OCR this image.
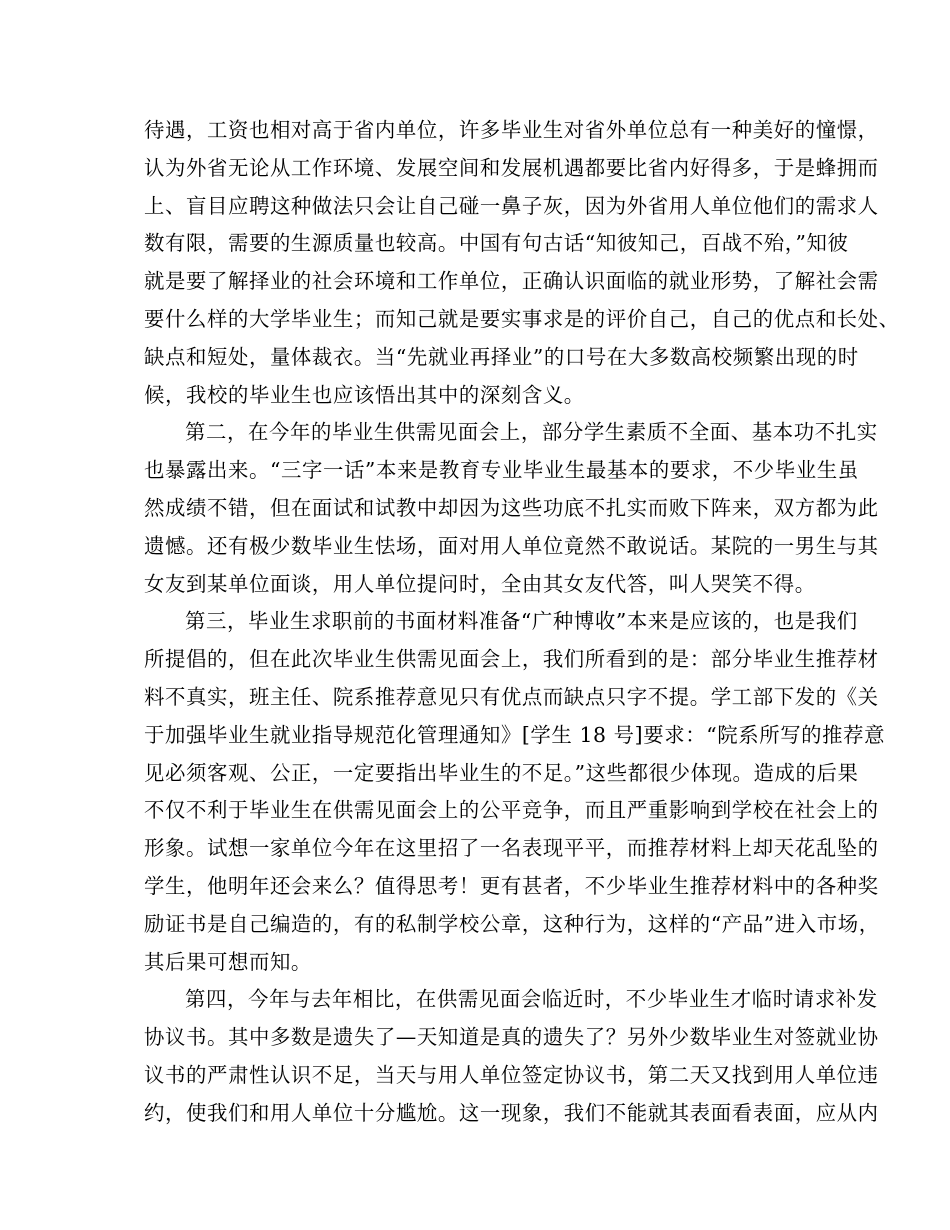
待遇，工资也相对高于省内单位，许多毕业生对省外单位总有一种美好的憧憬，
认为外省无论从工作环境、发展空间和发展机遇都要比省内好得多，于是蜂拥而
上、盲目应聘这种做法只会让自己碰一鼻子灰，因为外省用人单位他们的需求人
数有限，需要的生源质量也较高。中国有句古话“知彼知己，百战不殆，”知彼
就是要了解择业的社会环境和工作单位，正确认识面临的就业形势，了解社会需
要什么样的大学毕业生；而知己就是要实事求是的评价自己，自己的优点和长处、
缺点和短处，量体裁衣。当“先就业再择业”的口号在大多数高校频繁出现的时
候，我校的毕业生也应该悟出其中的深刻含义。
第二，在今年的毕业生供需见面会上，部分学生素质不全面、基本功不扎实
也暴露出来。“三字一话”本来是教育专业毕业生最基本的要求，不少毕业生虽
然成绩不错，但在面试和试教中却因为这些功底不扎实而败下阵来，双方都为此
遗憾。还有极少数毕业生怯场，面对用人单位竟然不敢说话。某院的一男生与其
女友到某单位面谈，用人单位提问时，全由其女友代答，叫人哭笑不得。
第三，毕业生求职前的书面材料准备“广种博收”本来是应该的，也是我们
所提倡的，但在此次毕业生供需见面会上，我们所看到的是：部分毕业生推荐材
料不真实，班主任、院系推荐意见只有优点而缺点只字不提。学工部下发的《关
于加强毕业生就业指导规范化管理通知》[学生 18 号]要求：“院系所写的推荐意
见必须客观、公正，一定要指出毕业生的不足。”这些都很少体现。造成的后果
不仅不利于毕业生在供需见面会上的公平竞争，而且严重影响到学校在社会上的
形象。试想一家单位今年在这里招了一名表现平平，而推荐材料上却天花乱坠的
学生，他明年还会来么？值得思考！更有甚者，不少毕业生推荐材料中的各种奖
励证书是自己编造的，有的私制学校公章，这种行为，这样的“产品”进入市场，
其后果可想而知。
第四，今年与去年相比，在供需见面会临近时，不少毕业生才临时请求补发
协议书。其中多数是遗失了—天知道是真的遗失了？另外少数毕业生对签就业协
议书的严肃性认识不足，当天与用人单位签定协议书，第二天又找到用人单位违
约，使我们和用人单位十分尴尬。这一现象，我们不能就其表面看表面，应从内
